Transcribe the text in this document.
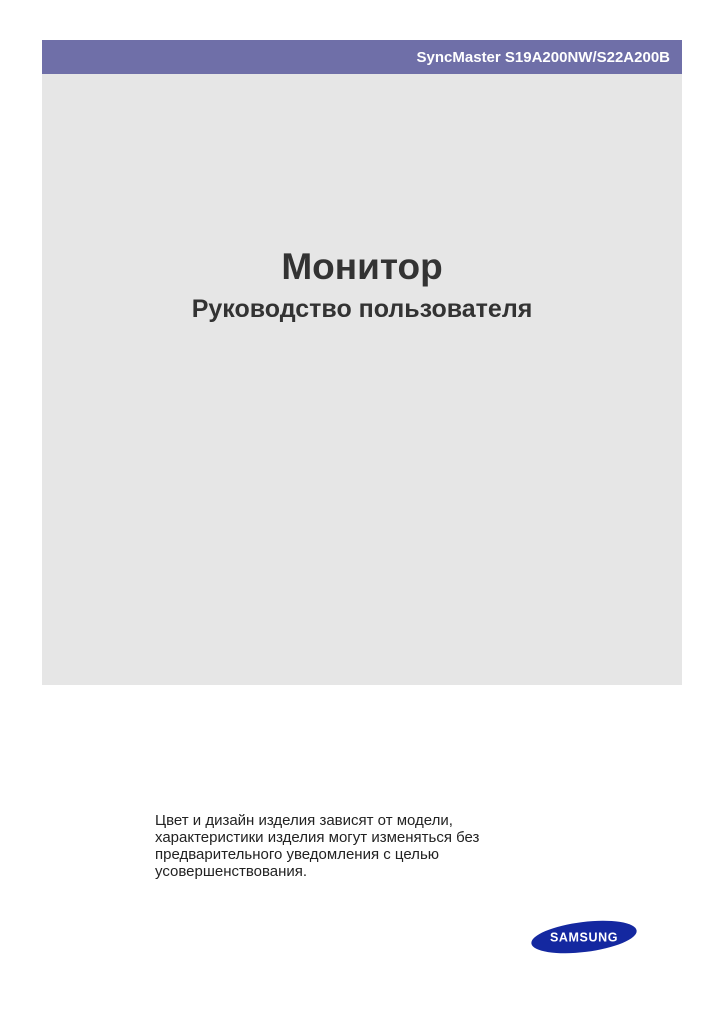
SyncMaster S19A200NW/S22A200B
Монитор
Руководство пользователя

Цвет и дизайн изделия зависят от модели,
характеристики изделия могут изменяться без
предварительного уведомления с целью
усовершенствования.

SAMSUNG
